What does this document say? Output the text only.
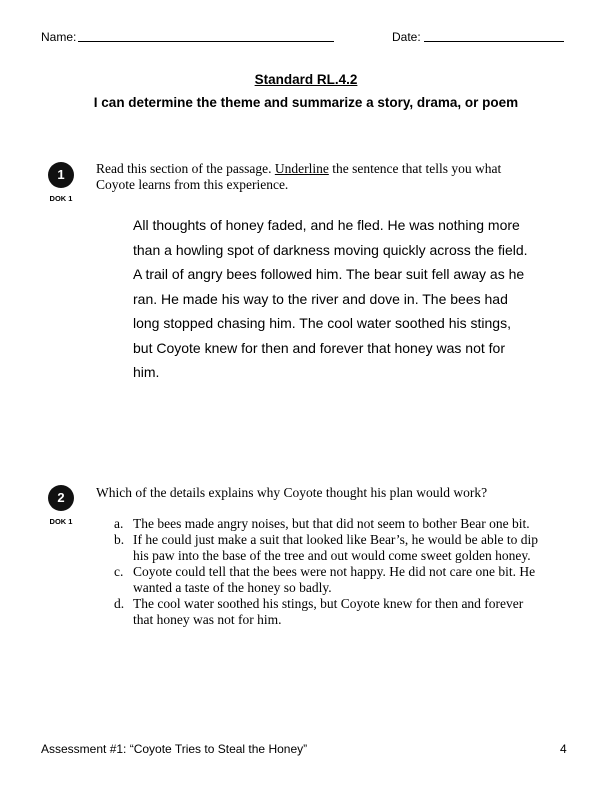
Name:	Date:
Standard RL.4.2
I can determine the theme and summarize a story, drama, or poem
1
DOK 1
Read this section of the passage. Underline the sentence that tells you what Coyote learns from this experience.
All thoughts of honey faded, and he fled. He was nothing more than a howling spot of darkness moving quickly across the field. A trail of angry bees followed him. The bear suit fell away as he ran. He made his way to the river and dove in. The bees had long stopped chasing him. The cool water soothed his stings, but Coyote knew for then and forever that honey was not for him.
2
DOK 1
Which of the details explains why Coyote thought his plan would work?
a. The bees made angry noises, but that did not seem to bother Bear one bit.
b. If he could just make a suit that looked like Bear’s, he would be able to dip his paw into the base of the tree and out would come sweet golden honey.
c. Coyote could tell that the bees were not happy. He did not care one bit. He wanted a taste of the honey so badly.
d. The cool water soothed his stings, but Coyote knew for then and forever that honey was not for him.
Assessment #1: “Coyote Tries to Steal the Honey”	4
